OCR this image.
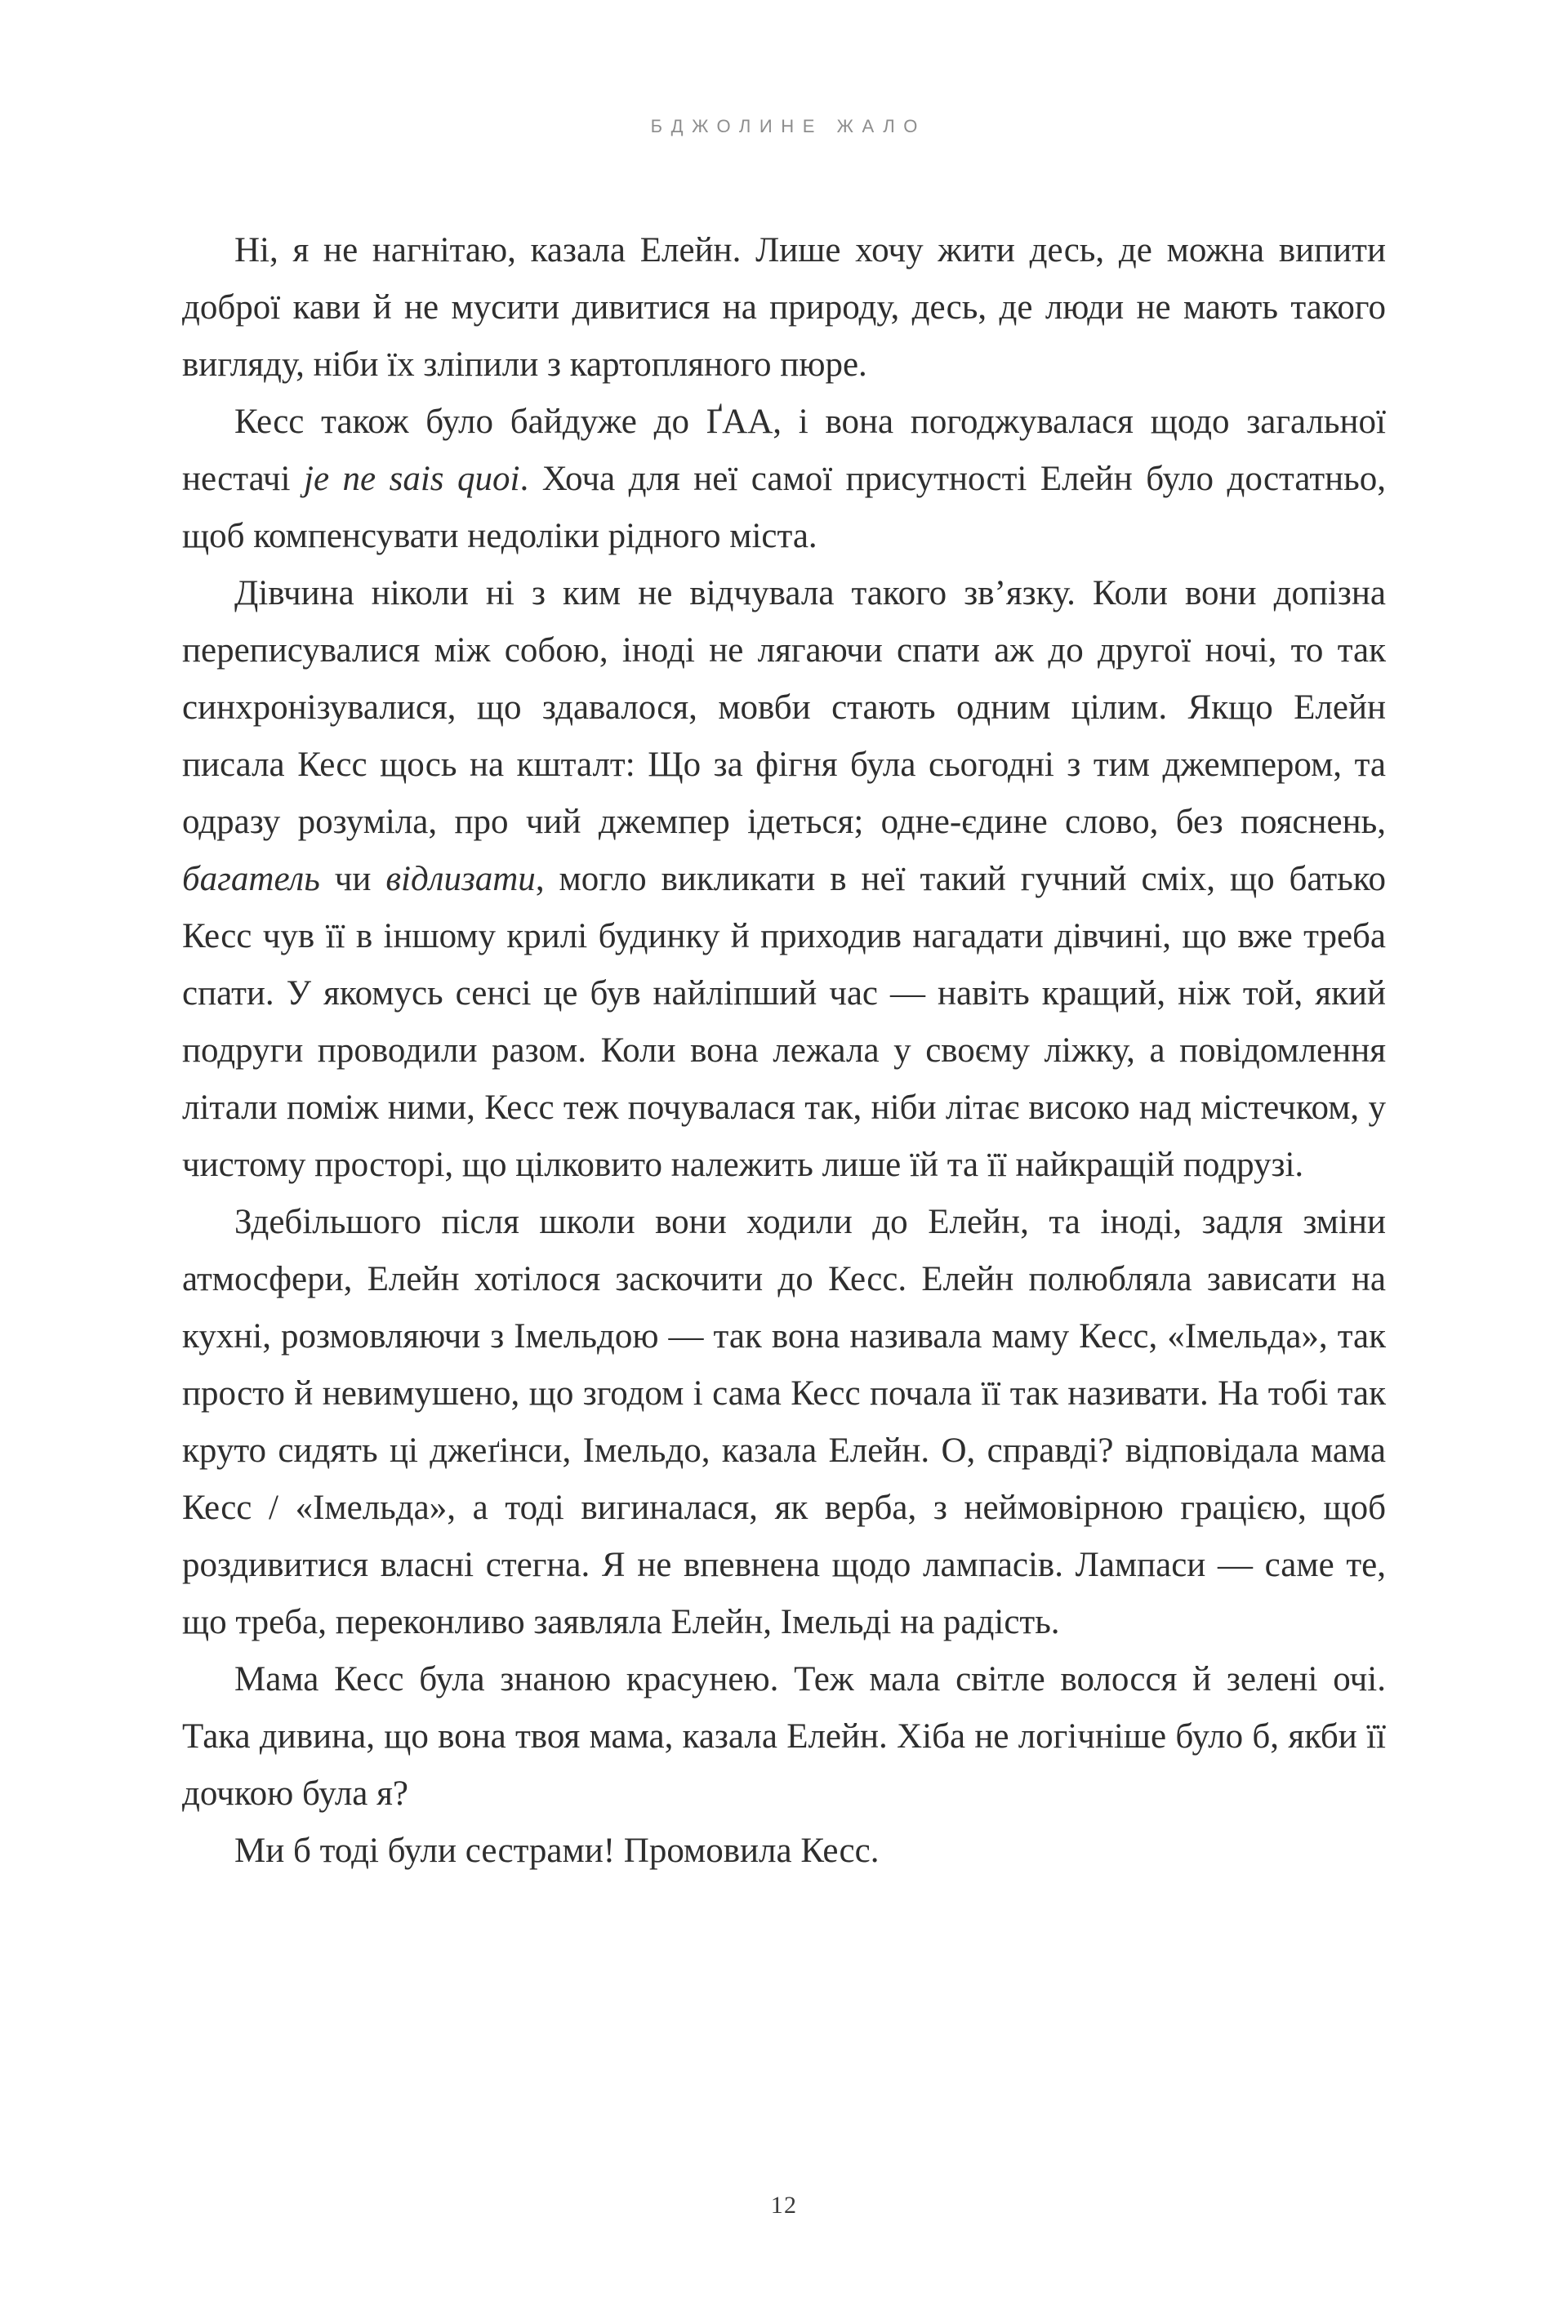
БДЖОЛИНЕ ЖАЛО

Ні, я не нагнітаю, казала Елейн. Лише хочу жити десь, де можна випити доброї кави й не мусити дивитися на природу, десь, де люди не мають такого вигляду, ніби їх зліпили з картопляного пюре.

Кесс також було байдуже до ҐАА, і вона погоджувалася щодо загальної нестачі je ne sais quoi. Хоча для неї самої присутності Елейн було достатньо, щоб компенсувати недоліки рідного міста.

Дівчина ніколи ні з ким не відчувала такого зв’язку. Коли вони допізна переписувалися між собою, іноді не лягаючи спати аж до другої ночі, то так синхронізувалися, що здавалося, мовби стають одним цілим. Якщо Елейн писала Кесс щось на кшталт: Що за фігня була сьогодні з тим джемпером, та одразу розуміла, про чий джемпер ідеться; одне-єдине слово, без пояснень, багатель чи відлизати, могло викликати в неї такий гучний сміх, що батько Кесс чув її в іншому крилі будинку й приходив нагадати дівчині, що вже треба спати. У якомусь сенсі це був найліпший час — навіть кращий, ніж той, який подруги проводили разом. Коли вона лежала у своєму ліжку, а повідомлення літали поміж ними, Кесс теж почувалася так, ніби літає високо над містечком, у чистому просторі, що цілковито належить лише їй та її найкращій подрузі.

Здебільшого після школи вони ходили до Елейн, та іноді, задля зміни атмосфери, Елейн хотілося заскочити до Кесс. Елейн полюбляла зависати на кухні, розмовляючи з Імельдою — так вона називала маму Кесс, «Імельда», так просто й невимушено, що згодом і сама Кесс почала її так називати. На тобі так круто сидять ці джеґінси, Імельдо, казала Елейн. О, справді? відповідала мама Кесс / «Імельда», а тоді вигиналася, як верба, з неймовірною грацією, щоб роздивитися власні стегна. Я не впевнена щодо лампасів. Лампаси — саме те, що треба, переконливо заявляла Елейн, Імельді на радість.

Мама Кесс була знаною красунею. Теж мала світле волосся й зелені очі. Така дивина, що вона твоя мама, казала Елейн. Хіба не логічніше було б, якби її дочкою була я?

Ми б тоді були сестрами! Промовила Кесс.

12
